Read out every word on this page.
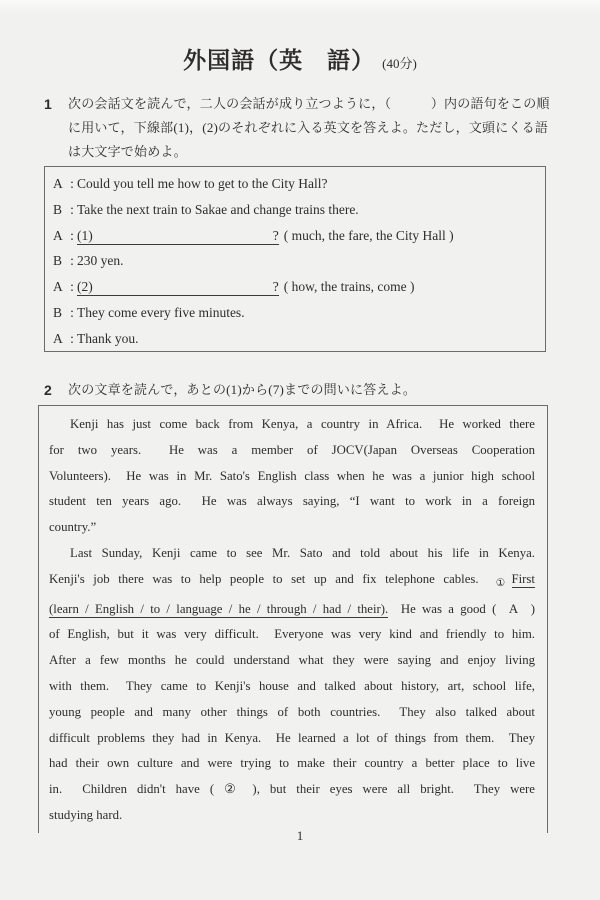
外国語（英　語） (40分)
1	次の会話文を読んで，二人の会話が成り立つように，（　　　）内の語句をこの順
に用いて，下線部(1)，(2)のそれぞれに入る英文を答えよ。ただし，文頭にくる語
は大文字で始めよ。
A : Could you tell me how to get to the City Hall?
B : Take the next train to Sakae and change trains there.
A : (1)	? ( much, the fare, the City Hall )
B : 230 yen.
A : (2)	? ( how, the trains, come )
B : They come every five minutes.
A : Thank you.
2	次の文章を読んで，あとの(1)から(7)までの問いに答えよ。
Kenji has just come back from Kenya, a country in Africa.  He worked there
for two years.  He was a member of JOCV(Japan Overseas Cooperation
Volunteers).  He was in Mr. Sato's English class when he was a junior high school
student ten years ago.  He was always saying, “I want to work in a foreign
country.”
Last Sunday, Kenji came to see Mr. Sato and told about his life in Kenya.
Kenji's job there was to help people to set up and fix telephone cables.  $_①$First
(learn / English / to / language / he / through / had / their).  He was a good (  A  )
of English, but it was very difficult.  Everyone was very kind and friendly to him.
After a few months he could understand what they were saying and enjoy living
with them.  They came to Kenji's house and talked about history, art, school life,
young people and many other things of both countries.  They also talked about
difficult problems they had in Kenya.  He learned a lot of things from them.  They
had their own culture and were trying to make their country a better place to live
in.  Children didn't have ( ② ), but their eyes were all bright.  They were
studying hard.
1
